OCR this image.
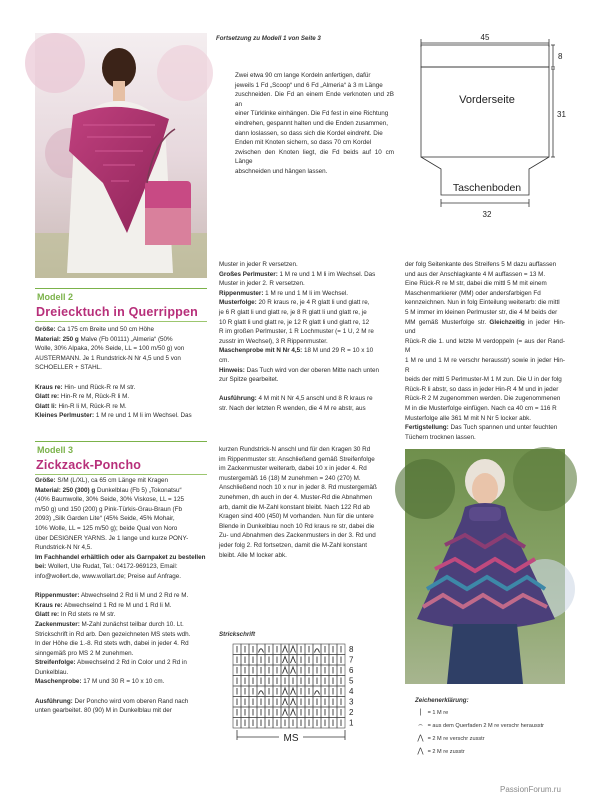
Fortsetzung zu Modell 1 von Seite 3

Zwei etwa 90 cm lange Kordeln anfertigen, dafür

jeweils 1 Fd „Scoop“ und 6 Fd „Almeria“ à 3 m Länge

zuschneiden. Die Fd an einem Ende verknoten und zB an

einer Türklinke einhängen. Die Fd fest in eine Richtung

eindrehen, gespannt halten und die Enden zusammen,

dann loslassen, so dass sich die Kordel eindreht. Die

Enden mit Knoten sichern, so dass 70 cm Kordel

zwischen den Knoten liegt, die Fd beids auf 10 cm Länge

abschneiden und hängen lassen.

45
8
31
Vorderseite
Taschenboden
32
Modell 2
Dreiecktuch in Querrippen

Größe: Ca 175 cm Breite und 50 cm Höhe

Material: 250 g Malve (Fb 00111) „Almeria“ (50%

Wolle, 30% Alpaka, 20% Seide, LL = 100 m/50 g) von

AUSTERMANN. Je 1 Rundstrick-N Nr 4,5 und 5 von

SCHOELLER + STAHL.

Kraus re: Hin- und Rück-R re M str.

Glatt re: Hin-R re M, Rück-R li M.

Glatt li: Hin-R li M, Rück-R re M.

Kleines Perlmuster: 1 M re und 1 M li im Wechsel. Das

Muster in jeder R versetzen.

Großes Perlmuster: 1 M re und 1 M li im Wechsel. Das

Muster in jeder 2. R versetzen.

Rippenmuster: 1 M re und 1 M li im Wechsel.

Musterfolge: 20 R kraus re, je 4 R glatt li und glatt re,

je 6 R glatt li und glatt re, je 8 R glatt li und glatt re, je

10 R glatt li und glatt re, je 12 R glatt li und glatt re, 12

R im großen Perlmuster, 1 R Lochmuster (= 1 U, 2 M re

zusstr im Wechsel), 3 R Rippenmuster.

Maschenprobe mit N Nr 4,5: 18 M und 29 R = 10 x 10

cm.

Hinweis: Das Tuch wird von der oberen Mitte nach unten

zur Spitze gearbeitet.

Ausführung: 4 M mit N Nr 4,5 anschl und 8 R kraus re

str. Nach der letzten R wenden, die 4 M re abstr, aus

der folg Seitenkante des Streifens 5 M dazu auffassen

und aus der Anschlagkante 4 M auffassen = 13 M.

Eine Rück-R re M str, dabei die mittl 5 M mit einem

Maschenmarkierer (MM) oder andersfarbigen Fd

kennzeichnen. Nun in folg Einteilung weiterarb: die mittl

5 M immer im kleinen Perlmuster str, die 4 M beids der

MM gemäß Musterfolge str. Gleichzeitig in jeder Hin- und

Rück-R die 1. und letzte M verdoppeln (= aus der Rand-M

1 M re und 1 M re verschr herausstr) sowie in jeder Hin-R

beids der mittl 5 Perlmuster-M 1 M zun. Die U in der folg

Rück-R li abstr, so dass in jeder Hin-R 4 M und in jeder

Rück-R 2 M zugenommen werden. Die zugenommenen

M in die Musterfolge einfügen. Nach ca 40 cm = 116 R

Musterfolge alle 361 M mit N Nr 5 locker abk.

Fertigstellung: Das Tuch spannen und unter feuchten

Tüchern trocknen lassen.

Modell 3
Zickzack-Poncho

Größe: S/M (L/XL), ca 65 cm Länge mit Kragen

Material: 250 (300) g Dunkelblau (Fb 5) „Tokonatsu“

(40% Baumwolle, 30% Seide, 30% Viskose, LL = 125

m/50 g) und 150 (200) g Pink-Türkis-Grau-Braun (Fb

2093) „Silk Garden Lite“ (45% Seide, 45% Mohair,

10% Wolle, LL = 125 m/50 g); beide Qual von Noro

über DESIGNER YARNS. Je 1 lange und kurze PONY-

Rundstrick-N Nr 4,5.

Im Fachhandel erhältlich oder als Garnpaket zu bestellen

bei: Wollert, Ute Rudat, Tel.: 04172-969123, Email:

info@wollert.de, www.wollart.de; Preise auf Anfrage.

Rippenmuster: Abwechselnd 2 Rd li M und 2 Rd re M.

Kraus re: Abwechselnd 1 Rd re M und 1 Rd li M.

Glatt re: In Rd stets re M str.

Zackenmuster: M-Zahl zunächst teilbar durch 10. Lt.

Strickschrift in Rd arb. Den gezeichneten MS stets wdh.

In der Höhe die 1.-8. Rd stets wdh, dabei in jeder 4. Rd

sinngemäß pro MS 2 M zunehmen.

Streifenfolge: Abwechselnd 2 Rd in Color und 2 Rd in

Dunkelblau.

Maschenprobe: 17 M und 30 R = 10 x 10 cm.

Ausführung: Der Poncho wird vom oberen Rand nach

unten gearbeitet. 80 (90) M in Dunkelblau mit der

kurzen Rundstrick-N anschl und für den Kragen 30 Rd

im Rippenmuster str. Anschließend gemäß Streifenfolge

im Zackenmuster weiterarb, dabei 10 x in jeder 4. Rd

mustergemäß 16 (18) M zunehmen = 240 (270) M.

Anschließend noch 10 x nur in jeder 8. Rd mustergemäß

zunehmen, dh auch in der 4. Muster-Rd die Abnahmen

arb, damit die M-Zahl konstant bleibt. Nach 122 Rd ab

Kragen sind 400 (450) M vorhanden. Nun für die untere

Blende in Dunkelblau noch 10 Rd kraus re str, dabei die

Zu- und Abnahmen des Zackenmusters in der 3. Rd und

jeder folg 2. Rd fortsetzen, damit die M-Zahl konstant

bleibt. Alle M locker abk.

Strickschrift
8
7
6
5
4
3
2
1
MS
Zeichenerklärung:
| = 1 M re
⌢ = aus dem Querfaden 2 M re verschr herausstr
⋀ = 2 M re verschr zusstr
⋀ = 2 M re zusstr
PassionForum.ru
